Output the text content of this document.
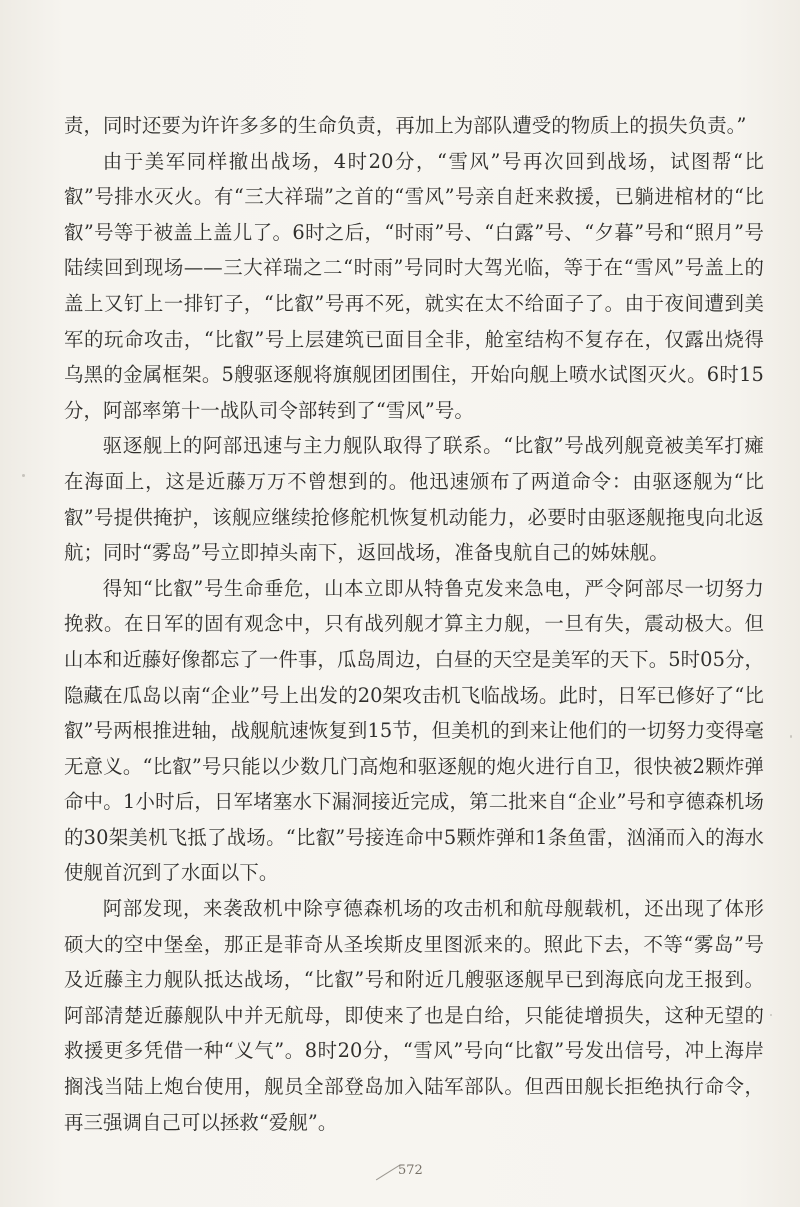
责，同时还要为许许多多的生命负责，再加上为部队遭受的物质上的损失负责。”

由于美军同样撤出战场，4时20分，“雪风”号再次回到战场，试图帮“比叡”号排水灭火。有“三大祥瑞”之首的“雪风”号亲自赶来救援，已躺进棺材的“比叡”号等于被盖上盖儿了。6时之后，“时雨”号、“白露”号、“夕暮”号和“照月”号陆续回到现场——三大祥瑞之二“时雨”号同时大驾光临，等于在“雪风”号盖上的盖上又钉上一排钉子，“比叡”号再不死，就实在太不给面子了。由于夜间遭到美军的玩命攻击，“比叡”号上层建筑已面目全非，舱室结构不复存在，仅露出烧得乌黑的金属框架。5艘驱逐舰将旗舰团团围住，开始向舰上喷水试图灭火。6时15分，阿部率第十一战队司令部转到了“雪风”号。

驱逐舰上的阿部迅速与主力舰队取得了联系。“比叡”号战列舰竟被美军打瘫在海面上，这是近藤万万不曾想到的。他迅速颁布了两道命令：由驱逐舰为“比叡”号提供掩护，该舰应继续抢修舵机恢复机动能力，必要时由驱逐舰拖曳向北返航；同时“雾岛”号立即掉头南下，返回战场，准备曳航自己的姊妹舰。

得知“比叡”号生命垂危，山本立即从特鲁克发来急电，严令阿部尽一切努力挽救。在日军的固有观念中，只有战列舰才算主力舰，一旦有失，震动极大。但山本和近藤好像都忘了一件事，瓜岛周边，白昼的天空是美军的天下。5时05分，隐藏在瓜岛以南“企业”号上出发的20架攻击机飞临战场。此时，日军已修好了“比叡”号两根推进轴，战舰航速恢复到15节，但美机的到来让他们的一切努力变得毫无意义。“比叡”号只能以少数几门高炮和驱逐舰的炮火进行自卫，很快被2颗炸弹命中。1小时后，日军堵塞水下漏洞接近完成，第二批来自“企业”号和亨德森机场的30架美机飞抵了战场。“比叡”号接连命中5颗炸弹和1条鱼雷，汹涌而入的海水使舰首沉到了水面以下。

阿部发现，来袭敌机中除亨德森机场的攻击机和航母舰载机，还出现了体形硕大的空中堡垒，那正是菲奇从圣埃斯皮里图派来的。照此下去，不等“雾岛”号及近藤主力舰队抵达战场，“比叡”号和附近几艘驱逐舰早已到海底向龙王报到。阿部清楚近藤舰队中并无航母，即使来了也是白给，只能徒增损失，这种无望的救援更多凭借一种“义气”。8时20分，“雪风”号向“比叡”号发出信号，冲上海岸搁浅当陆上炮台使用，舰员全部登岛加入陆军部队。但西田舰长拒绝执行命令，再三强调自己可以拯救“爱舰”。

572
